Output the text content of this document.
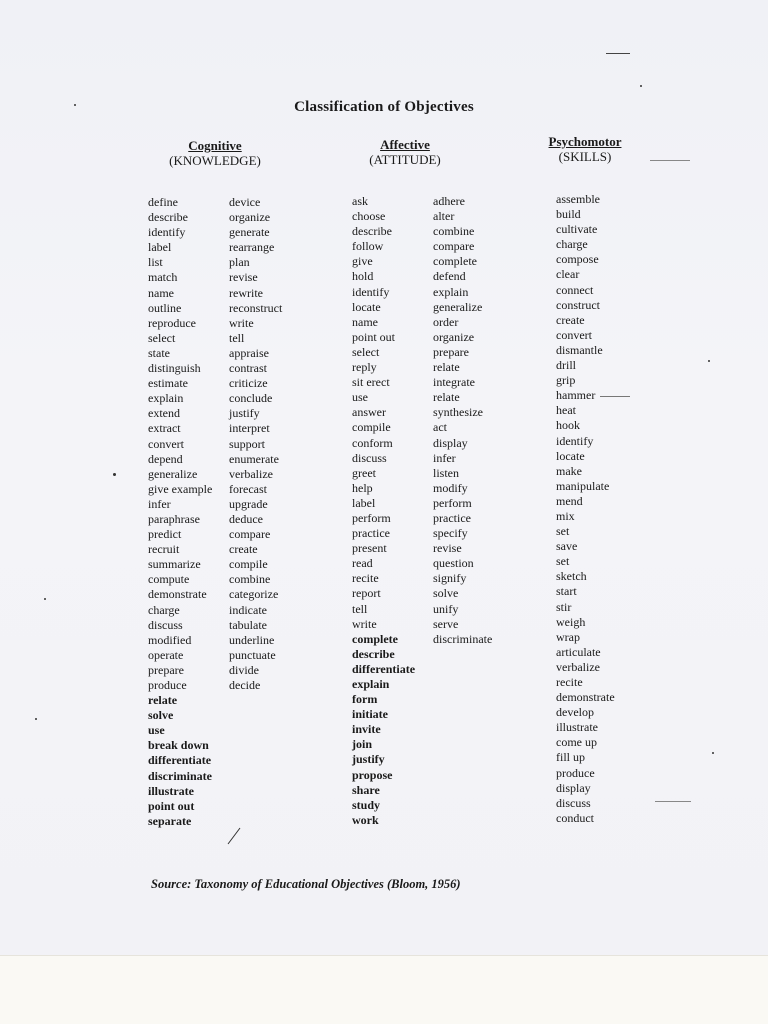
Classification of Objectives
Cognitive
(KNOWLEDGE)
Affective
(ATTITUDE)
Psychomotor
(SKILLS)
define
describe
identify
label
list
match
name
outline
reproduce
select
state
distinguish
estimate
explain
extend
extract
convert
depend
generalize
give example
infer
paraphrase
predict
recruit
summarize
compute
demonstrate
charge
discuss
modified
operate
prepare
produce
relate
solve
use
break down
differentiate
discriminate
illustrate
point out
separate
device
organize
generate
rearrange
plan
revise
rewrite
reconstruct
write
tell
appraise
contrast
criticize
conclude
justify
interpret
support
enumerate
verbalize
forecast
upgrade
deduce
compare
create
compile
combine
categorize
indicate
tabulate
underline
punctuate
divide
decide
ask
choose
describe
follow
give
hold
identify
locate
name
point out
select
reply
sit erect
use
answer
compile
conform
discuss
greet
help
label
perform
practice
present
read
recite
report
tell
write
complete
describe
differentiate
explain
form
initiate
invite
join
justify
propose
share
study
work
adhere
alter
combine
compare
complete
defend
explain
generalize
order
organize
prepare
relate
integrate
relate
synthesize
act
display
infer
listen
modify
perform
practice
specify
revise
question
signify
solve
unify
serve
discriminate
assemble
build
cultivate
charge
compose
clear
connect
construct
create
convert
dismantle
drill
grip
hammer
heat
hook
identify
locate
make
manipulate
mend
mix
set
save
set
sketch
start
stir
weigh
wrap
articulate
verbalize
recite
demonstrate
develop
illustrate
come up
fill up
produce
display
discuss
conduct
Source: Taxonomy of Educational Objectives (Bloom, 1956)
